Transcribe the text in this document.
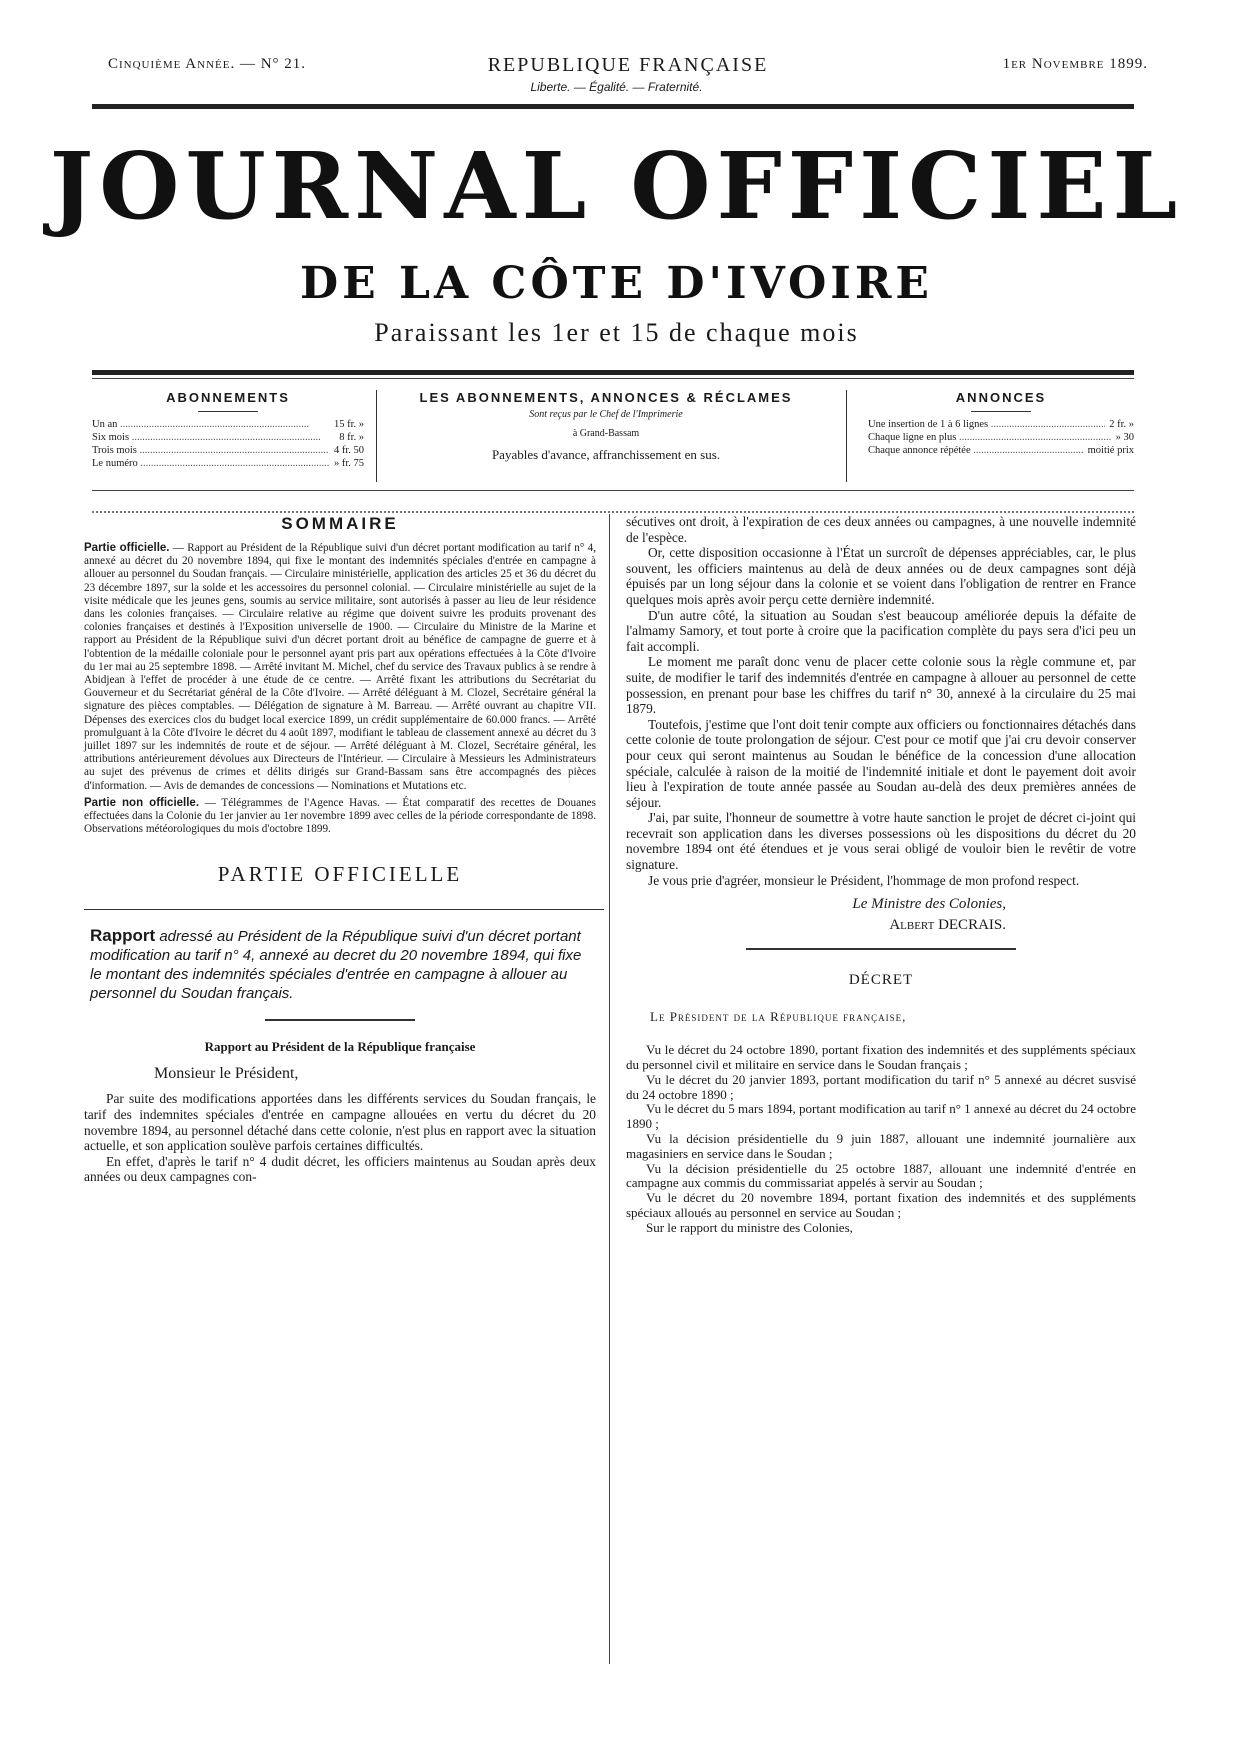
Cinquième Année. — N° 21.	REPUBLIQUE FRANÇAISE	1er Novembre 1899.
Liberte. — Égalité. — Fraternité.
JOURNAL OFFICIEL
DE LA CÔTE D'IVOIRE
Paraissant les 1er et 15 de chaque mois
ABONNEMENTS
Un an .....	15 fr. »
Six mois .....	8 fr. »
Trois mois .....	4 fr. 50
Le numéro .....	» fr. 75
LES ABONNEMENTS, ANNONCES & RÉCLAMES
Sont reçus par le Chef de l'Imprimerie
à Grand-Bassam
Payables d'avance, affranchissement en sus.
ANNONCES
Une insertion de 1 à 6 lignes .....	2 fr. »
Chaque ligne en plus .....	» 30
Chaque annonce répétée .....	moitié prix
SOMMAIRE

Partie officielle. — Rapport au Président de la République suivi d'un décret portant modification au tarif n° 4, annexé au décret du 20 novembre 1894, qui fixe le montant des indemnités spéciales d'entrée en campagne à allouer au personnel du Soudan français. — Circulaire ministérielle, application des articles 25 et 36 du décret du 23 décembre 1897, sur la solde et les accessoires du personnel colonial. — Circulaire ministérielle au sujet de la visite médicale que les jeunes gens, soumis au service militaire, sont autorisés à passer au lieu de leur résidence dans les colonies françaises. — Circulaire relative au régime que doivent suivre les produits provenant des colonies françaises et destinés à l'Exposition universelle de 1900. — Circulaire du Ministre de la Marine et rapport au Président de la République suivi d'un décret portant droit au bénéfice de campagne de guerre et à l'obtention de la médaille coloniale pour le personnel ayant pris part aux opérations effectuées à la Côte d'Ivoire du 1er mai au 25 septembre 1898. — Arrêté invitant M. Michel, chef du service des Travaux publics à se rendre à Abidjean à l'effet de procéder à une étude de ce centre. — Arrêté fixant les attributions du Secrétariat du Gouverneur et du Secrétariat général de la Côte d'Ivoire. — Arrêté déléguant à M. Clozel, Secrétaire général la signature des pièces comptables. — Délégation de signature à M. Barreau. — Arrêté ouvrant au chapitre VII. Dépenses des exercices clos du budget local exercice 1899, un crédit supplémentaire de 60.000 francs. — Arrêté promulguant à la Côte d'Ivoire le décret du 4 août 1897, modifiant le tableau de classement annexé au décret du 3 juillet 1897 sur les indemnités de route et de séjour. — Arrêté déléguant à M. Clozel, Secrétaire général, les attributions antérieurement dévolues aux Directeurs de l'Intérieur. — Circulaire à Messieurs les Administrateurs au sujet des prévenus de crimes et délits dirigés sur Grand-Bassam sans être accompagnés des pièces d'information. — Avis de demandes de concessions — Nominations et Mutations etc.

Partie non officielle. — Télégrammes de l'Agence Havas. — État comparatif des recettes de Douanes effectuées dans la Colonie du 1er janvier au 1er novembre 1899 avec celles de la période correspondante de 1898. Observations météorologiques du mois d'octobre 1899.

PARTIE OFFICIELLE
Rapport adressé au Président de la République suivi d'un décret portant modification au tarif n° 4, annexé au decret du 20 novembre 1894, qui fixe le montant des indemnités spéciales d'entrée en campagne à allouer au personnel du Soudan français.
Rapport au Président de la République française
Monsieur le Président,

Par suite des modifications apportées dans les différents services du Soudan français, le tarif des indemnites spéciales d'entrée en campagne allouées en vertu du décret du 20 novembre 1894, au personnel détaché dans cette colonie, n'est plus en rapport avec la situation actuelle, et son application soulève parfois certaines difficultés.

En effet, d'après le tarif n° 4 dudit décret, les officiers maintenus au Soudan après deux années ou deux campagnes con-

sécutives ont droit, à l'expiration de ces deux années ou campagnes, à une nouvelle indemnité de l'espèce.

Or, cette disposition occasionne à l'État un surcroît de dépenses appréciables, car, le plus souvent, les officiers maintenus au delà de deux années ou de deux campagnes sont déjà épuisés par un long séjour dans la colonie et se voient dans l'obligation de rentrer en France quelques mois après avoir perçu cette dernière indemnité.

D'un autre côté, la situation au Soudan s'est beaucoup améliorée depuis la défaite de l'almamy Samory, et tout porte à croire que la pacification complète du pays sera d'ici peu un fait accompli.

Le moment me paraît donc venu de placer cette colonie sous la règle commune et, par suite, de modifier le tarif des indemnités d'entrée en campagne à allouer au personnel de cette possession, en prenant pour base les chiffres du tarif n° 30, annexé à la circulaire du 25 mai 1879.

Toutefois, j'estime que l'ont doit tenir compte aux officiers ou fonctionnaires détachés dans cette colonie de toute prolongation de séjour. C'est pour ce motif que j'ai cru devoir conserver pour ceux qui seront maintenus au Soudan le bénéfice de la concession d'une allocation spéciale, calculée à raison de la moitié de l'indemnité initiale et dont le payement doit avoir lieu à l'expiration de toute année passée au Soudan au-delà des deux premières années de séjour.

J'ai, par suite, l'honneur de soumettre à votre haute sanction le projet de décret ci-joint qui recevrait son application dans les diverses possessions où les dispositions du décret du 20 novembre 1894 ont été étendues et je vous serai obligé de vouloir bien le revêtir de votre signature.

Je vous prie d'agréer, monsieur le Président, l'hommage de mon profond respect.

Le Ministre des Colonies,
Albert DECRAIS.
DÉCRET
Le Président de la République française,

Vu le décret du 24 octobre 1890, portant fixation des indemnités et des suppléments spéciaux du personnel civil et militaire en service dans le Soudan français ;

Vu le décret du 20 janvier 1893, portant modification du tarif n° 5 annexé au décret susvisé du 24 octobre 1890 ;

Vu le décret du 5 mars 1894, portant modification au tarif n° 1 annexé au décret du 24 octobre 1890 ;

Vu la décision présidentielle du 9 juin 1887, allouant une indemnité journalière aux magasiniers en service dans le Soudan ;

Vu la décision présidentielle du 25 octobre 1887, allouant une indemnité d'entrée en campagne aux commis du commissariat appelés à servir au Soudan ;

Vu le décret du 20 novembre 1894, portant fixation des indemnités et des suppléments spéciaux alloués au personnel en service au Soudan ;

Sur le rapport du ministre des Colonies,
